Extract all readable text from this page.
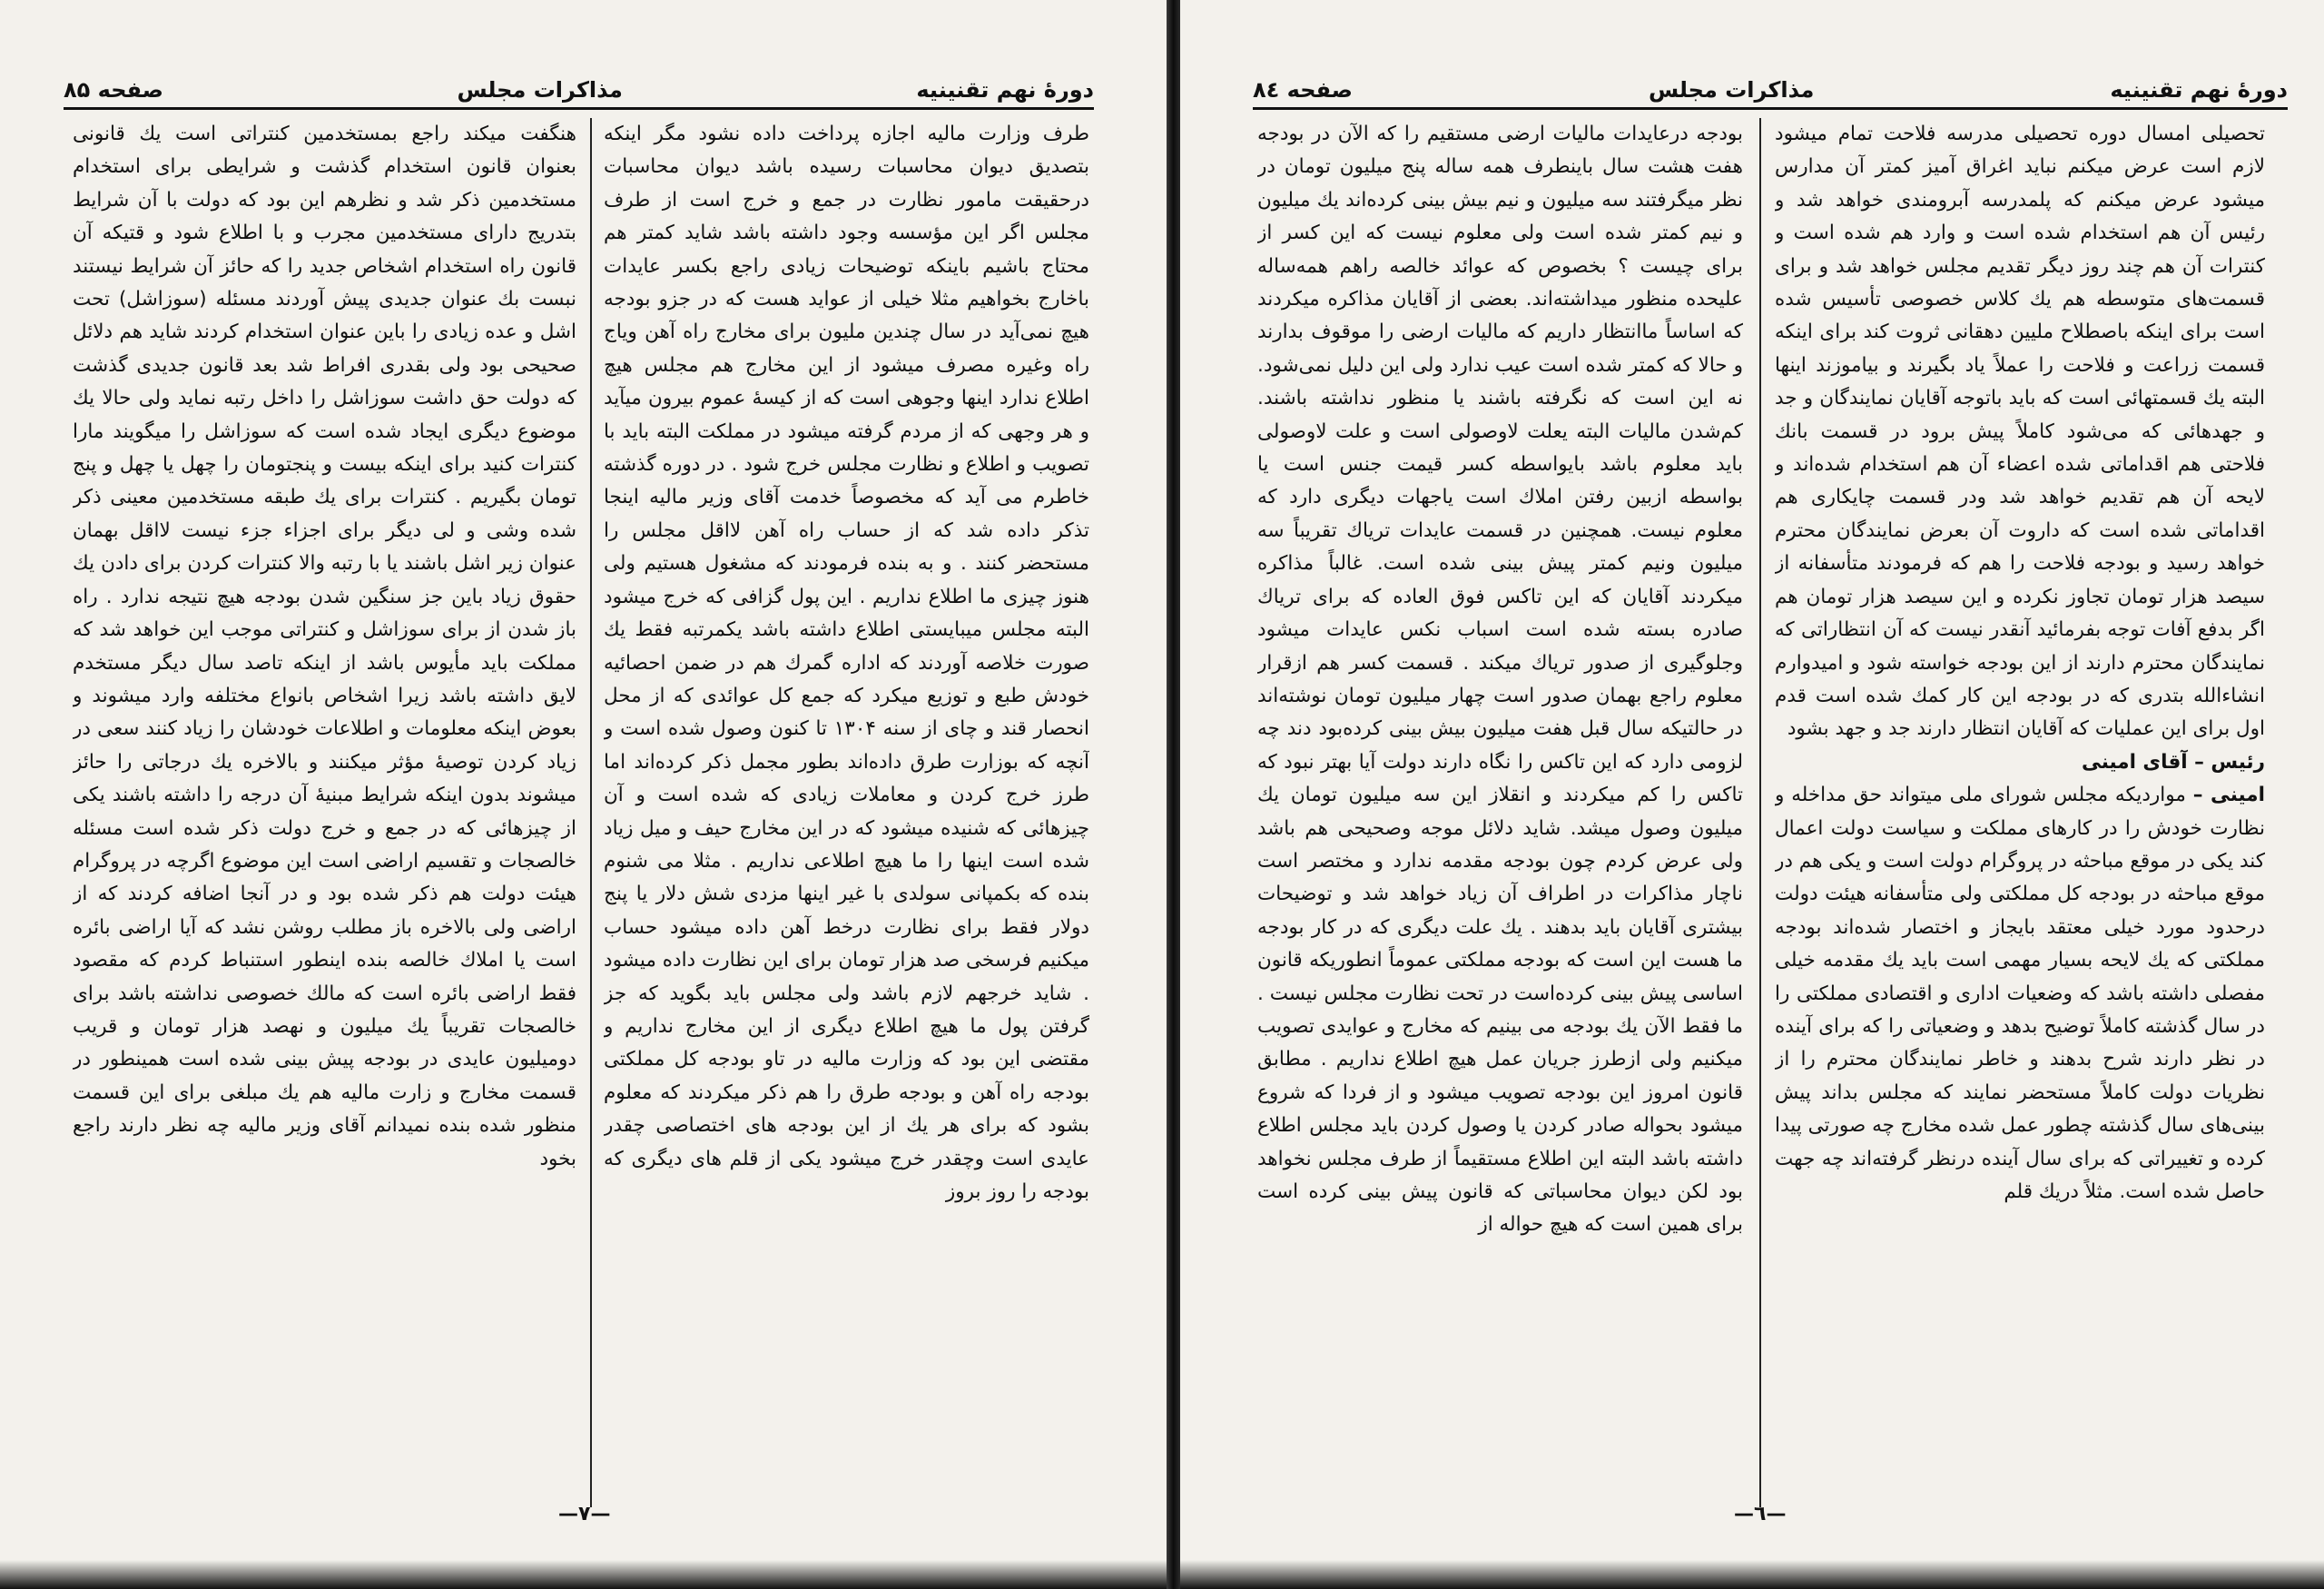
دورهٔ نهم تقنینیه
مذاکرات مجلس
صفحه ۸۵

طرف وزارت مالیه اجازه پرداخت داده نشود مگر اینکه بتصدیق دیوان محاسبات رسیده باشد دیوان محاسبات درحقیقت مامور نظارت در جمع و خرج است از طرف مجلس اگر این مؤسسه وجود داشته باشد شاید کمتر هم محتاج باشیم باینکه توضیحات زیادی راجع بکسر عایدات باخارج بخواهیم مثلا خیلی از عواید هست که در جزو بودجه هیچ نمی‌آید در سال چندین ملیون برای مخارج راه آهن ویاج راه وغیره مصرف میشود از این مخارج هم مجلس هیچ اطلاع ندارد اینها وجوهی است که از کیسهٔ عموم بیرون میآید و هر وجهی که از مردم گرفته میشود در مملکت البته باید با تصویب و اطلاع و نظارت مجلس خرج شود . در دوره گذشته خاطرم می آید که مخصوصاً خدمت آقای وزیر مالیه اینجا تذکر داده شد که از حساب راه آهن لااقل مجلس را مستحضر کنند . و به بنده فرمودند که مشغول هستیم ولی هنوز چیزی ما اطلاع نداریم . این پول گزافی که خرج میشود البته مجلس میبایستی اطلاع داشته باشد یکمرتبه فقط یك صورت خلاصه آوردند که اداره گمرك هم در ضمن احصائیه خودش طبع و توزیع میکرد که جمع کل عوائدی که از محل انحصار قند و چای از سنه ۱۳۰۴ تا کنون وصول شده است و آنچه که بوزارت طرق داده‌اند بطور مجمل ذکر کرده‌اند اما طرز خرج کردن و معاملات زیادی که شده است و آن چیزهائی که شنیده میشود که در این مخارج حیف و میل زیاد شده است اینها را ما هیچ اطلاعی نداریم . مثلا می شنوم بنده که بکمپانی سولدی با غیر اینها مزدی شش دلار یا پنج دولار فقط برای نظارت درخط آهن داده میشود حساب میکنیم فرسخی صد هزار تومان برای این نظارت داده میشود . شاید خرجهم لازم باشد ولی مجلس باید بگوید که جز گرفتن پول ما هیچ اطلاع دیگری از این مخارج نداریم و مقتضی این بود که وزارت مالیه در تاو بودجه کل مملکتی بودجه راه آهن و بودجه طرق را هم ذکر میکردند که معلوم بشود که برای هر یك از این بودجه های اختصاصی چقدر عایدی است وچقدر خرج میشود یکی از قلم های دیگری که بودجه را روز بروز

هنگفت میکند راجع بمستخدمین کنتراتی است یك قانونی بعنوان قانون استخدام گذشت و شرایطی برای استخدام مستخدمین ذکر شد و نظرهم این بود که دولت با آن شرایط بتدریج دارای مستخدمین مجرب و با اطلاع شود و قتیکه آن قانون راه استخدام اشخاص جدید را که حائز آن شرایط نیستند نبست بك عنوان جدیدی پیش آوردند مسئله (سوزاشل) تحت اشل و عده زیادی را باین عنوان استخدام کردند شاید هم دلائل صحیحی بود ولی بقدری افراط شد بعد قانون جدیدی گذشت که دولت حق داشت سوزاشل را داخل رتبه نماید ولی حالا یك موضوع دیگری ایجاد شده است که سوزاشل را میگویند مارا کنترات کنید برای اینکه بیست و پنجتومان را چهل یا چهل و پنج تومان بگیریم . کنترات برای یك طبقه مستخدمین معینی ذکر شده وشی و لی دیگر برای اجزاء جزء نیست لااقل بهمان عنوان زیر اشل باشند یا با رتبه والا کنترات کردن برای دادن یك حقوق زیاد باین جز سنگین شدن بودجه هیچ نتیجه ندارد . راه باز شدن از برای سوزاشل و کنتراتی موجب این خواهد شد که مملکت باید مأیوس باشد از اینکه تاصد سال دیگر مستخدم لایق داشته باشد زیرا اشخاص بانواع مختلفه وارد میشوند و بعوض اینکه معلومات و اطلاعات خودشان را زیاد کنند سعی در زیاد کردن توصیهٔ مؤثر میکنند و بالاخره یك درجاتی را حائز میشوند بدون اینکه شرایط مبنیهٔ آن درجه را داشته باشند یکی از چیزهائی که در جمع و خرج دولت ذکر شده است مسئله خالصجات و تقسیم اراضی است این موضوع اگرچه در پروگرام هیئت دولت هم ذکر شده بود و در آنجا اضافه کردند که از اراضی ولی بالاخره باز مطلب روشن نشد که آیا اراضی بائره است یا املاك خالصه بنده اینطور استنباط کردم که مقصود فقط اراضی بائره است که مالك خصوصی نداشته باشد برای خالصجات تقریباً یك میلیون و نهصد هزار تومان و قریب دومیلیون عایدی در بودجه پیش بینی شده است همینطور در قسمت مخارج و زارت مالیه هم یك مبلغی برای این قسمت منظور شده بنده نمیدانم آقای وزیر مالیه چه نظر دارند راجع بخود

—۷—
دورهٔ نهم تقنینیه
مذاکرات مجلس
صفحه ۸٤

تحصیلی امسال دوره تحصیلی مدرسه فلاحت تمام میشود لازم است عرض میکنم نباید اغراق آمیز کمتر آن مدارس میشود عرض میکنم که پلمدرسه آبرومندی خواهد شد و رئیس آن هم استخدام شده است و وارد هم شده است و کنترات آن هم چند روز دیگر تقدیم مجلس خواهد شد و برای قسمت‌های متوسطه هم یك کلاس خصوصی تأسیس شده است برای اینکه باصطلاح ملیین دهقانی ثروت کند برای اینکه قسمت زراعت و فلاحت را عملاً یاد بگیرند و بیاموزند اینها البته یك قسمتهائی است که باید باتوجه آقایان نمایندگان و جد و جهدهائی که می‌شود کاملاً پیش برود در قسمت بانك فلاحتی هم اقداماتی شده اعضاء آن هم استخدام شده‌اند و لایحه آن هم تقدیم خواهد شد ودر قسمت چایکاری هم اقداماتی شده است که داروت آن بعرض نمایندگان محترم خواهد رسید و بودجه فلاحت را هم که فرمودند متأسفانه از سیصد هزار تومان تجاوز نکرده و این سیصد هزار تومان هم اگر بدفع آفات توجه بفرمائید آنقدر نیست که آن انتظاراتی که نمایندگان محترم دارند از این بودجه خواسته شود و امیدوارم انشاءالله بتدری که در بودجه این کار کمك شده است قدم اول برای این عملیات که آقایان انتظار دارند جد و جهد بشود

رئیس – آقای امینی

امینی – مواردیکه مجلس شورای ملی میتواند حق مداخله و نظارت خودش را در کارهای مملکت و سیاست دولت اعمال کند یکی در موقع مباحثه در پروگرام دولت است و یکی هم در موقع مباحثه در بودجه کل مملکتی ولی متأسفانه هیئت دولت درحدود مورد خیلی معتقد بایجاز و اختصار شده‌اند بودجه مملکتی که یك لایحه بسیار مهمی است باید یك مقدمه خیلی مفصلی داشته باشد که وضعیات اداری و اقتصادی مملکتی را در سال گذشته کاملاً توضیح بدهد و وضعیاتی را که برای آینده در نظر دارند شرح بدهند و خاطر نمایندگان محترم را از نظریات دولت کاملاً مستحضر نمایند که مجلس بداند پیش بینی‌های سال گذشته چطور عمل شده مخارج چه صورتی پیدا کرده و تغییراتی که برای سال آینده درنظر گرفته‌اند چه جهت حاصل شده است. مثلاً دریك قلم

بودجه درعایدات مالیات ارضی مستقیم را که الآن در بودجه هفت هشت سال باینطرف همه ساله پنج میلیون تومان در نظر میگرفتند سه میلیون و نیم بیش بینی کرده‌اند یك میلیون و نیم کمتر شده است ولی معلوم نیست که این کسر از برای چیست ؟ بخصوص که عوائد خالصه راهم همه‌ساله علیحده منظور میداشته‌اند. بعضی از آقایان مذاکره میکردند که اساساً ماانتظار داریم که مالیات ارضی را موقوف بدارند و حالا که کمتر شده است عیب ندارد ولی این دلیل نمی‌شود. نه این است که نگرفته باشند یا منظور نداشته باشند. کم‌شدن مالیات البته یعلت لاوصولی است و علت لاوصولی باید معلوم باشد بایواسطه کسر قیمت جنس است یا بواسطه ازبین رفتن املاك است یاجهات دیگری دارد که معلوم نیست. همچنین در قسمت عایدات تریاك تقریباً سه میلیون ونیم کمتر پیش بینی شده است. غالباً مذاکره میکردند آقایان که این تاکس فوق العاده که برای تریاك صادره بسته شده است اسباب نکس عایدات میشود وجلوگیری از صدور تریاك میکند . قسمت کسر هم ازقرار معلوم راجع بهمان صدور است چهار میلیون تومان نوشته‌اند در حالتیکه سال قبل هفت میلیون بیش بینی کرده‌بود دند چه لزومی دارد که این تاکس را نگاه دارند دولت آیا بهتر نبود که تاکس را کم میکردند و انقلاز این سه میلیون تومان یك میلیون وصول میشد. شاید دلائل موجه وصحیحی هم باشد ولی عرض کردم چون بودجه مقدمه ندارد و مختصر است ناچار مذاکرات در اطراف آن زیاد خواهد شد و توضیحات بیشتری آقایان باید بدهند . یك علت دیگری که در کار بودجه ما هست این است که بودجه مملکتی عموماً انطوریکه قانون اساسی پیش بینی کرده‌است در تحت نظارت مجلس نیست . ما فقط الآن یك بودجه می بینیم که مخارج و عوایدی تصویب میکنیم ولی ازطرز جریان عمل هیچ اطلاع نداریم . مطابق قانون امروز این بودجه تصویب میشود و از فردا که شروع میشود بحواله صادر کردن یا وصول کردن باید مجلس اطلاع داشته باشد البته این اطلاع مستقیماً از طرف مجلس نخواهد بود لکن دیوان محاسباتی که قانون پیش بینی کرده است برای همین است که هیچ حواله از

—٦—
